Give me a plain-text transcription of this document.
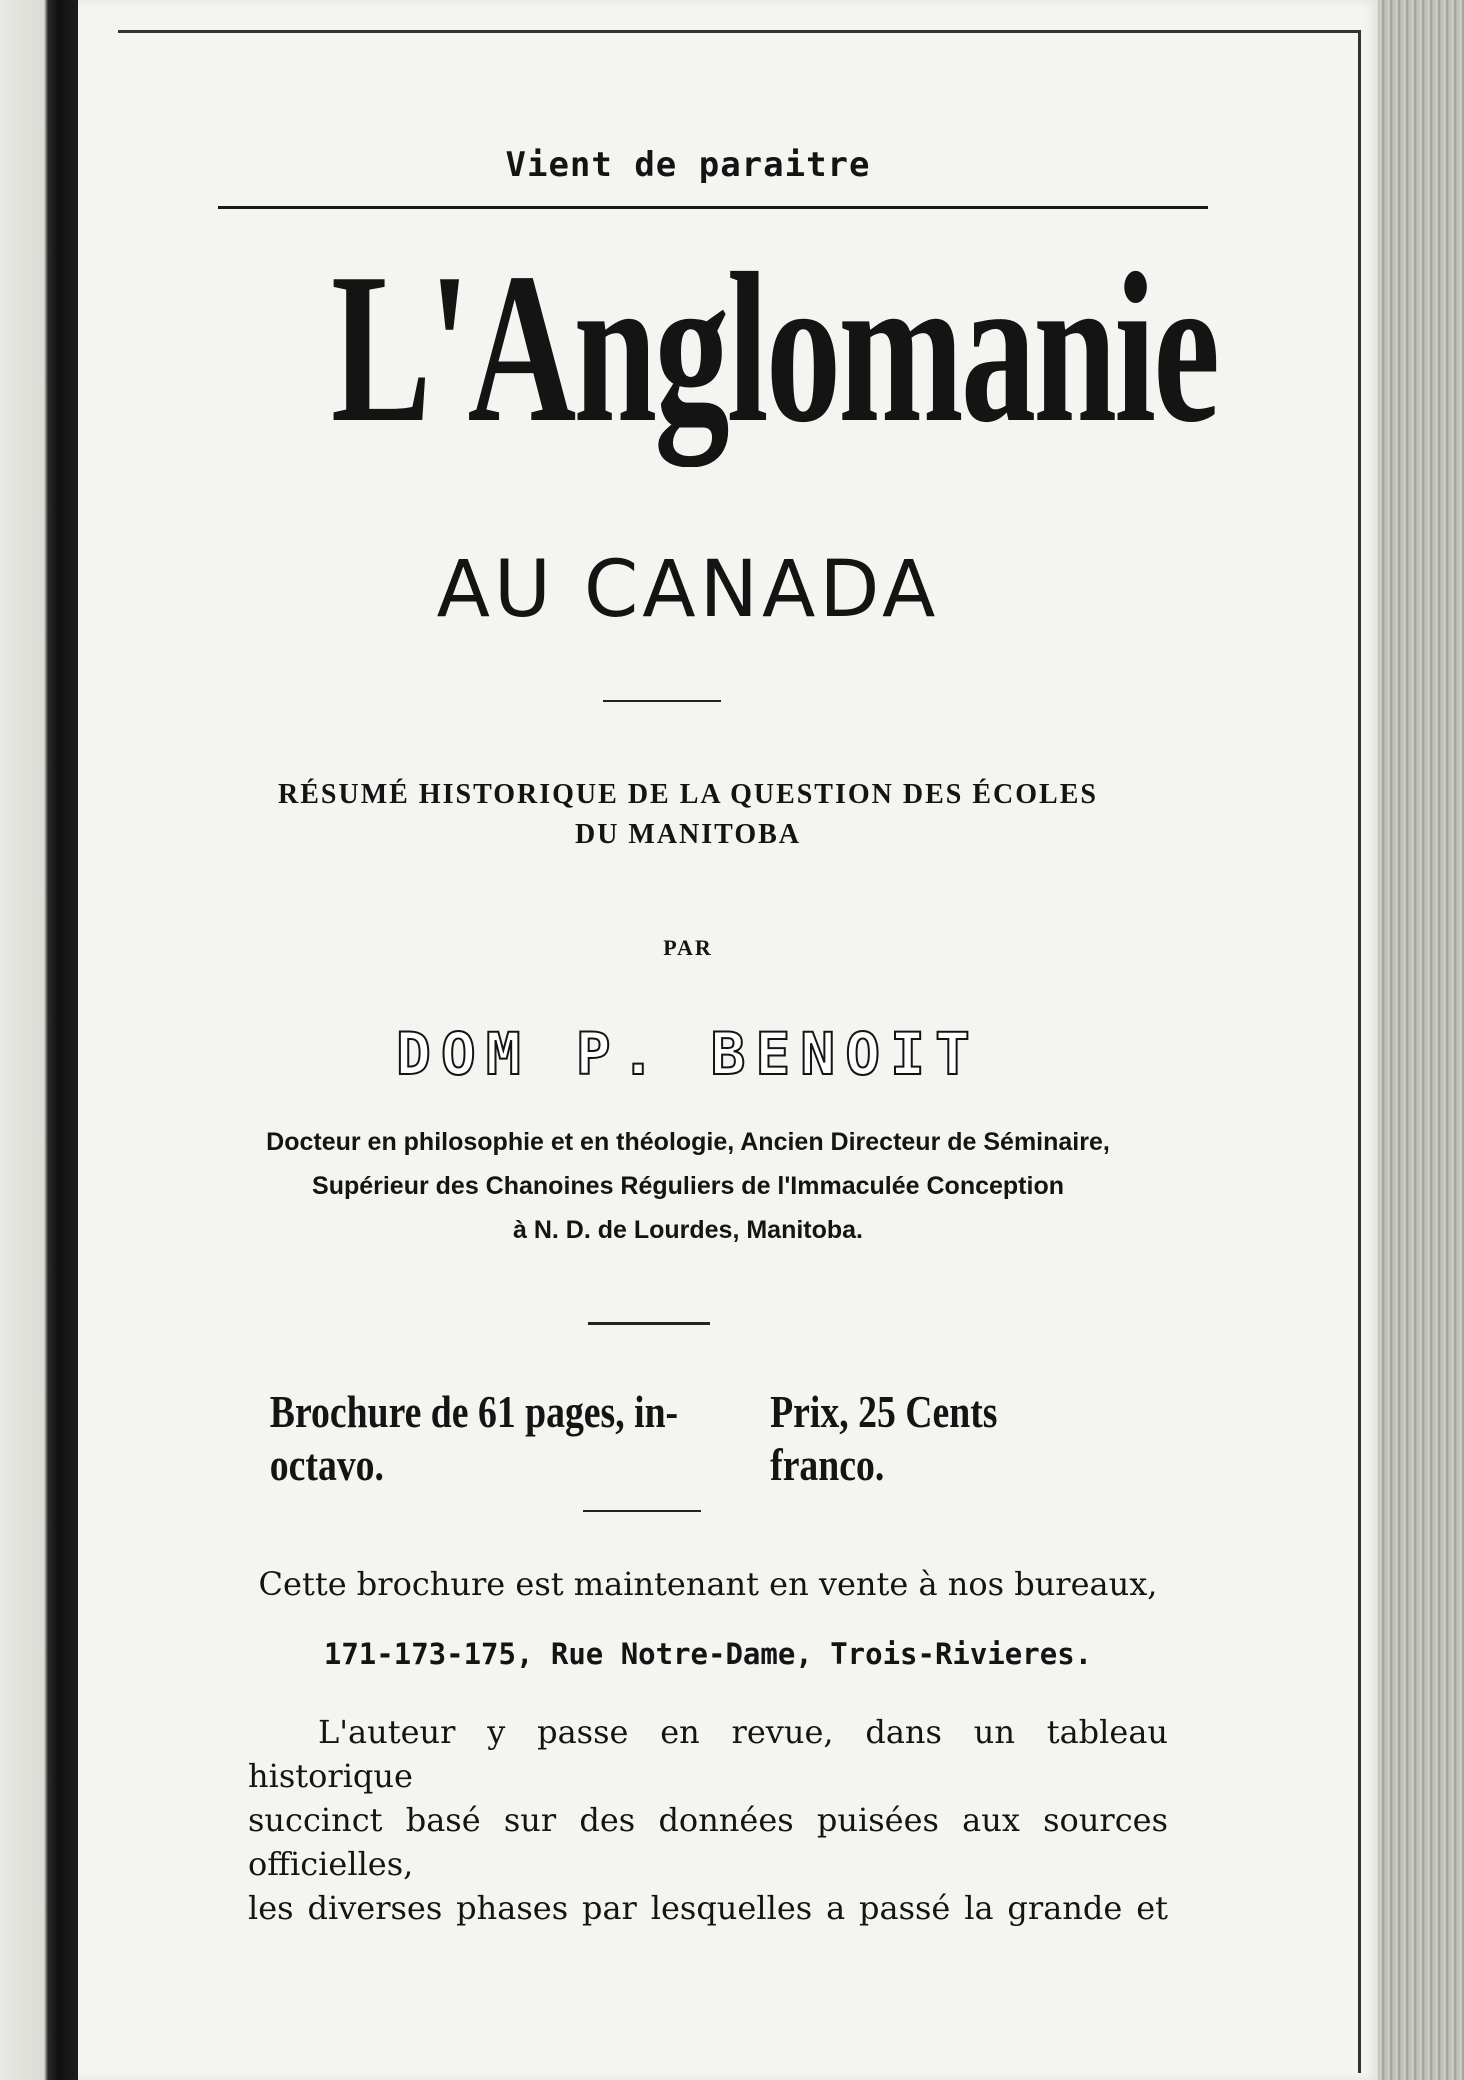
Vient de paraitre
L'Anglomanie
AU CANADA
RÉSUMÉ HISTORIQUE DE LA QUESTION DES ÉCOLES
DU MANITOBA
PAR
DOM P. BENOIT
Docteur en philosophie et en théologie, Ancien Directeur de Séminaire,
Supérieur des Chanoines Réguliers de l'Immaculée Conception
à N. D. de Lourdes, Manitoba.
Brochure de 61 pages, in-octavo.
Prix, 25 Cents franco.
Cette brochure est maintenant en vente à nos bureaux,
171-173-175, Rue Notre-Dame, Trois-Rivieres.
L'auteur y passe en revue, dans un tableau historique
succinct basé sur des données puisées aux sources officielles,
les diverses phases par lesquelles a passé la grande et
